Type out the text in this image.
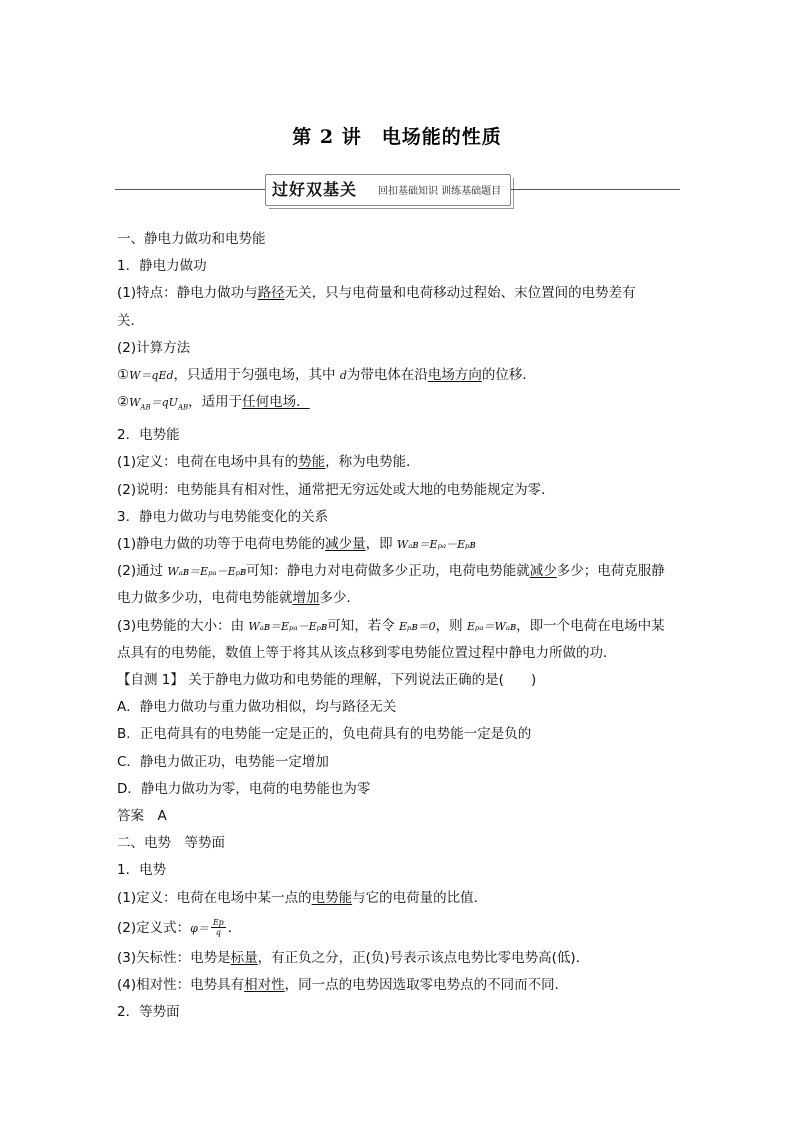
第 2 讲　电场能的性质
过好双基关 回扣基础知识 训练基础题目
一、静电力做功和电势能
1．静电力做功
(1)特点：静电力做功与路径无关，只与电荷量和电荷移动过程始、末位置间的电势差有
关．
(2)计算方法
①W＝qEd，只适用于匀强电场，其中 d为带电体在沿电场方向的位移．
$②W_{AB}=qU_{AB}$，适用于任何电场．
2．电势能
(1)定义：电荷在电场中具有的势能，称为电势能．
(2)说明：电势能具有相对性，通常把无穷远处或大地的电势能规定为零．
3．静电力做功与电势能变化的关系
(1)静电力做的功等于电荷电势能的减少量，即 Wₐʙ＝Eₚₐ－Eₚʙ
(2)通过 Wₐʙ＝Eₚₐ－Eₚʙ可知：静电力对电荷做多少正功，电荷电势能就减少多少；电荷克服静
电力做多少功，电荷电势能就增加多少．
(3)电势能的大小：由 Wₐʙ＝Eₚₐ－Eₚʙ可知，若令 Eₚʙ＝0，则 Eₚₐ＝Wₐʙ，即一个电荷在电场中某
点具有的电势能，数值上等于将其从该点移到零电势能位置过程中静电力所做的功．
【自测 1】 关于静电力做功和电势能的理解，下列说法正确的是(　　)
A．静电力做功与重力做功相似，均与路径无关
B．正电荷具有的电势能一定是正的，负电荷具有的电势能一定是负的
C．静电力做正功，电势能一定增加
D．静电力做功为零，电荷的电势能也为零
答案　A
二、电势　等势面
1．电势
(1)定义：电荷在电场中某一点的电势能与它的电荷量的比值．
(2)定义式：$\varphi= \frac{Ep}{q}$ ．
(3)矢标性：电势是标量，有正负之分，正(负)号表示该点电势比零电势高(低)．
(4)相对性：电势具有相对性，同一点的电势因选取零电势点的不同而不同．
2．等势面
